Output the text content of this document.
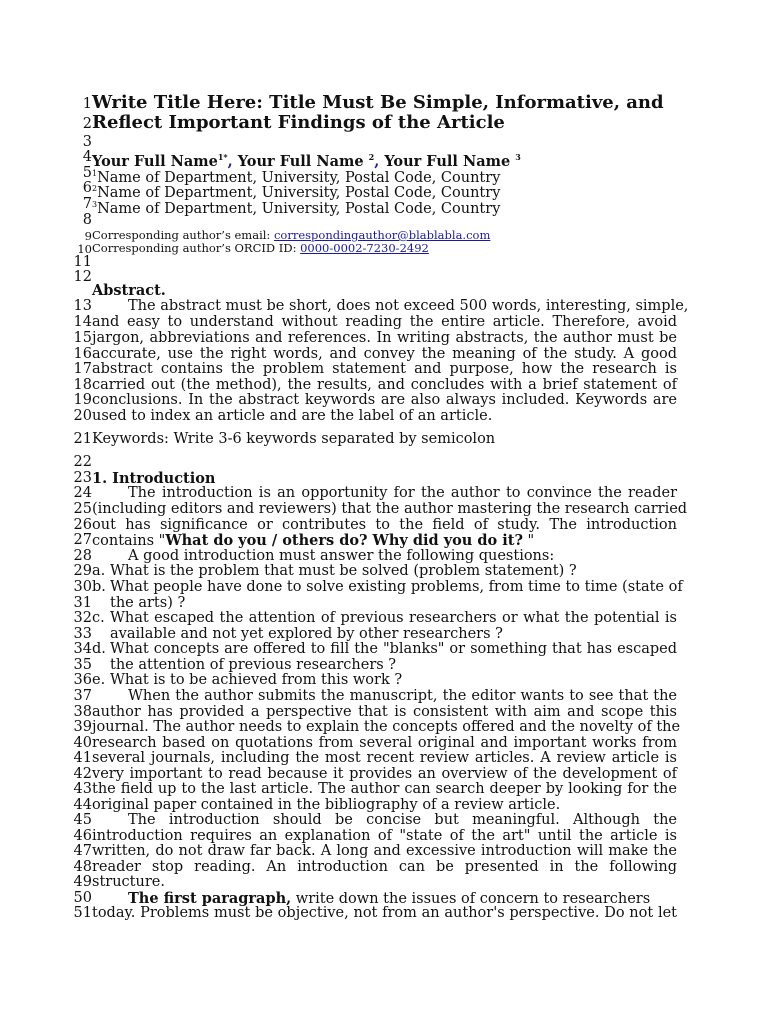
1 Write Title Here: Title Must Be Simple, Informative, and
2 Reflect Important Findings of the Article
3
4 Your Full Name$^{1*}$, Your Full Name $^2$, Your Full Name $^3$
5 $^1$Name of Department, University, Postal Code, Country
6 $^2$Name of Department, University, Postal Code, Country
7 $^3$Name of Department, University, Postal Code, Country
8
9 Corresponding author’s email: correspondingauthor@blablabla.com
10 Corresponding author’s ORCID ID: 0000-0002-7230-2492
11
12
Abstract.
13	The abstract must be short, does not exceed 500 words, interesting, simple,
14 and easy to understand without reading the entire article. Therefore, avoid
15 jargon, abbreviations and references. In writing abstracts, the author must be
16 accurate, use the right words, and convey the meaning of the study. A good
17 abstract contains the problem statement and purpose, how the research is
18 carried out (the method), the results, and concludes with a brief statement of
19 conclusions. In the abstract keywords are also always included. Keywords are
20 used to index an article and are the label of an article.
21 Keywords: Write 3-6 keywords separated by semicolon
22
23 1. Introduction
24	The introduction is an opportunity for the author to convince the reader
25 (including editors and reviewers) that the author mastering the research carried
26 out has significance or contributes to the field of study. The introduction
27 contains "What do you / others do? Why did you do it? "
28	A good introduction must answer the following questions:
29 a. What is the problem that must be solved (problem statement) ?
30 b. What people have done to solve existing problems, from time to time (state of
31 the arts) ?
32 c. What escaped the attention of previous researchers or what the potential is
33 available and not yet explored by other researchers ?
34 d. What concepts are offered to fill the "blanks" or something that has escaped
35 the attention of previous researchers ?
36 e. What is to be achieved from this work ?
37	When the author submits the manuscript, the editor wants to see that the
38 author has provided a perspective that is consistent with aim and scope this
39 journal. The author needs to explain the concepts offered and the novelty of the
40 research based on quotations from several original and important works from
41 several journals, including the most recent review articles. A review article is
42 very important to read because it provides an overview of the development of
43 the field up to the last article. The author can search deeper by looking for the
44 original paper contained in the bibliography of a review article.
45	The introduction should be concise but meaningful. Although the
46 introduction requires an explanation of "state of the art" until the article is
47 written, do not draw far back. A long and excessive introduction will make the
48 reader stop reading. An introduction can be presented in the following
49 structure.
50	The first paragraph, write down the issues of concern to researchers
51 today. Problems must be objective, not from an author's perspective. Do not let
